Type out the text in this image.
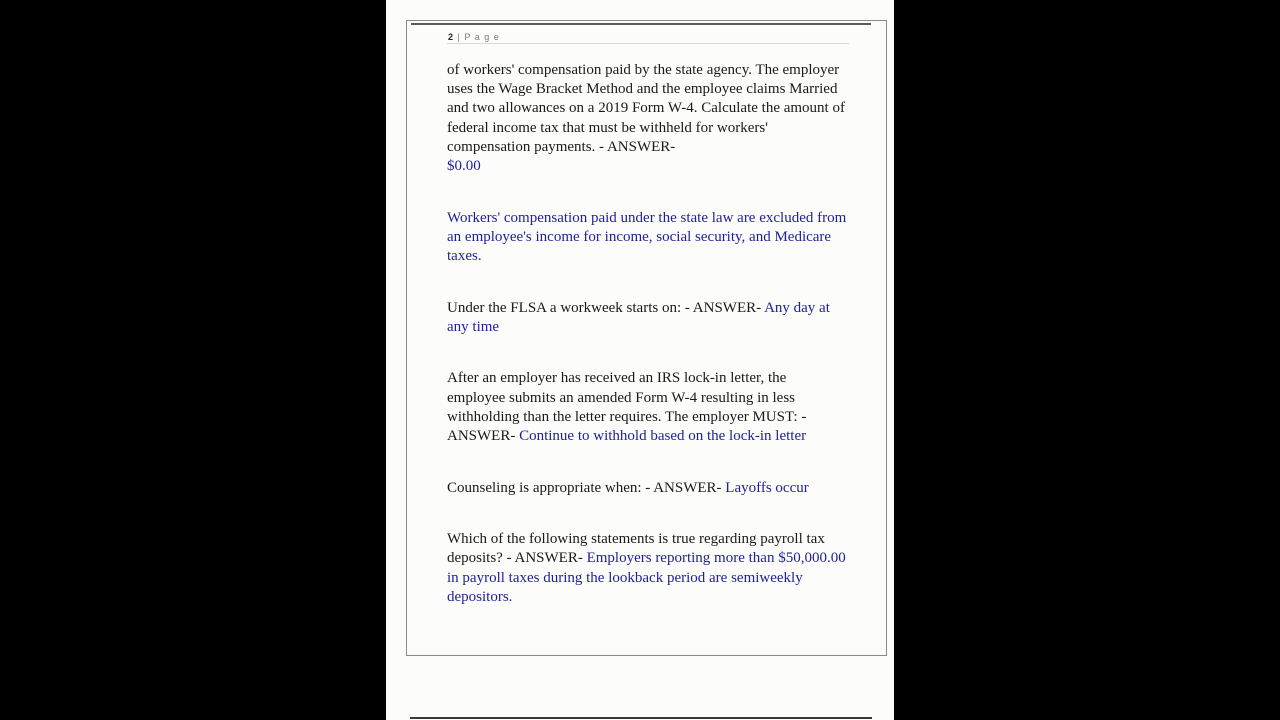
2 | P a g e

of workers' compensation paid by the state agency. The employer uses the Wage Bracket Method and the employee claims Married and two allowances on a 2019 Form W-4. Calculate the amount of federal income tax that must be withheld for workers' compensation payments. - ANSWER-
$0.00

Workers' compensation paid under the state law are excluded from an employee's income for income, social security, and Medicare taxes.

Under the FLSA a workweek starts on: - ANSWER- Any day at any time

After an employer has received an IRS lock-in letter, the employee submits an amended Form W-4 resulting in less withholding than the letter requires. The employer MUST: - ANSWER- Continue to withhold based on the lock-in letter

Counseling is appropriate when: - ANSWER- Layoffs occur

Which of the following statements is true regarding payroll tax deposits? - ANSWER- Employers reporting more than $50,000.00 in payroll taxes during the lookback period are semiweekly depositors.
